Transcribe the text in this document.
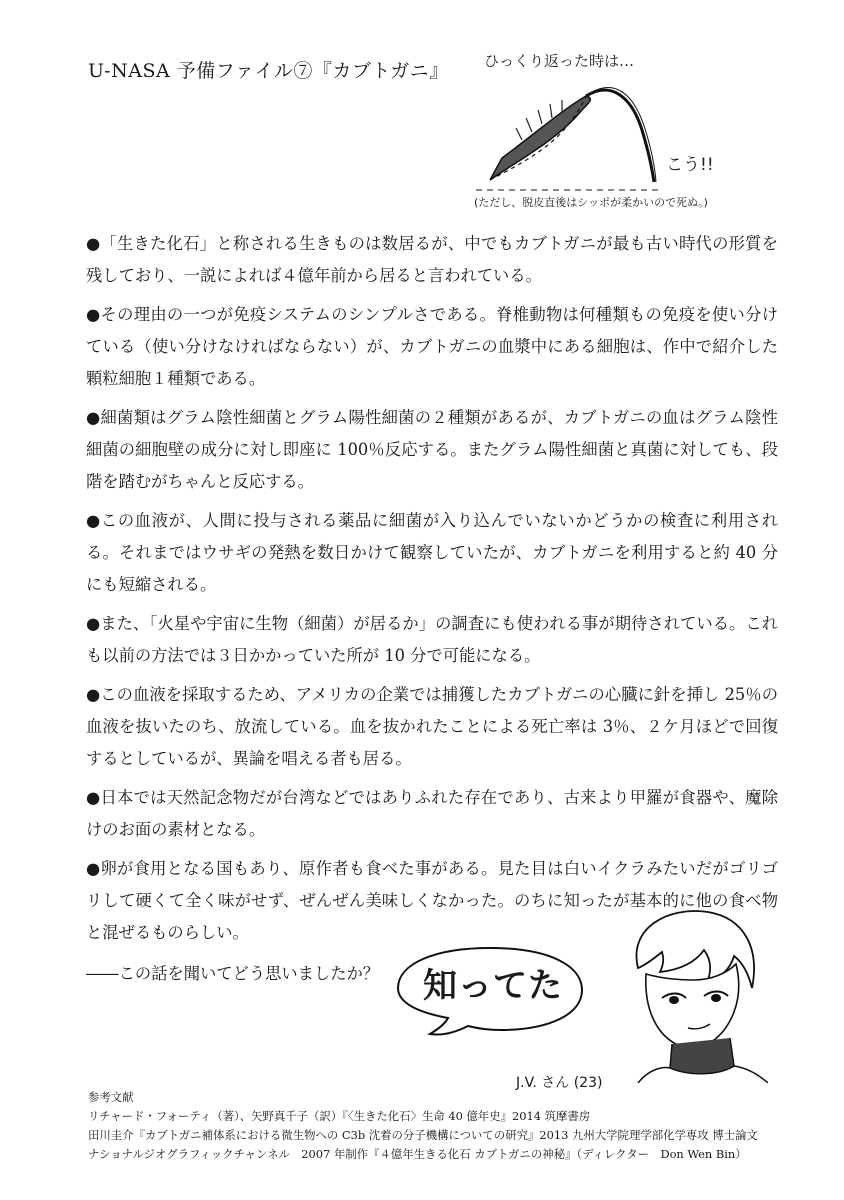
U-NASA 予備ファイル⑦『カブトガニ』 ひっくり返った時は…
こう!!
(ただし、脱皮直後はシッポが柔かいので死ぬ。)

●「生きた化石」と称される生きものは数居るが、中でもカブトガニが最も古い時代の形質を残しており、一説によれば４億年前から居ると言われている。

●その理由の一つが免疫システムのシンプルさである。脊椎動物は何種類もの免疫を使い分けている（使い分けなければならない）が、カブトガニの血漿中にある細胞は、作中で紹介した顆粒細胞１種類である。

●細菌類はグラム陰性細菌とグラム陽性細菌の２種類があるが、カブトガニの血はグラム陰性細菌の細胞壁の成分に対し即座に 100％反応する。またグラム陽性細菌と真菌に対しても、段階を踏むがちゃんと反応する。

●この血液が、人間に投与される薬品に細菌が入り込んでいないかどうかの検査に利用される。それまではウサギの発熱を数日かけて観察していたが、カブトガニを利用すると約 40 分にも短縮される。

●また、「火星や宇宙に生物（細菌）が居るか」の調査にも使われる事が期待されている。これも以前の方法では３日かかっていた所が 10 分で可能になる。

●この血液を採取するため、アメリカの企業では捕獲したカブトガニの心臓に針を挿し 25％の血液を抜いたのち、放流している。血を抜かれたことによる死亡率は 3％、２ケ月ほどで回復するとしているが、異論を唱える者も居る。

●日本では天然記念物だが台湾などではありふれた存在であり、古来より甲羅が食器や、魔除けのお面の素材となる。

●卵が食用となる国もあり、原作者も食べた事がある。見た目は白いイクラみたいだがゴリゴリして硬くて全く味がせず、ぜんぜん美味しくなかった。のちに知ったが基本的に他の食べ物と混ぜるものらしい。

――この話を聞いてどう思いましたか？ 知ってた
J.V. さん (23)
参考文献
リチャード・フォーティ（著）、矢野真千子（訳）『〈生きた化石〉生命 40 億年史』2014 筑摩書房
田川圭介『カブトガニ補体系における微生物への C3b 沈着の分子機構についての研究』2013 九州大学院理学部化学専攻 博士論文
ナショナルジオグラフィックチャンネル　2007 年制作『４億年生きる化石 カブトガニの神秘』（ディレクター　Don Wen Bin）
